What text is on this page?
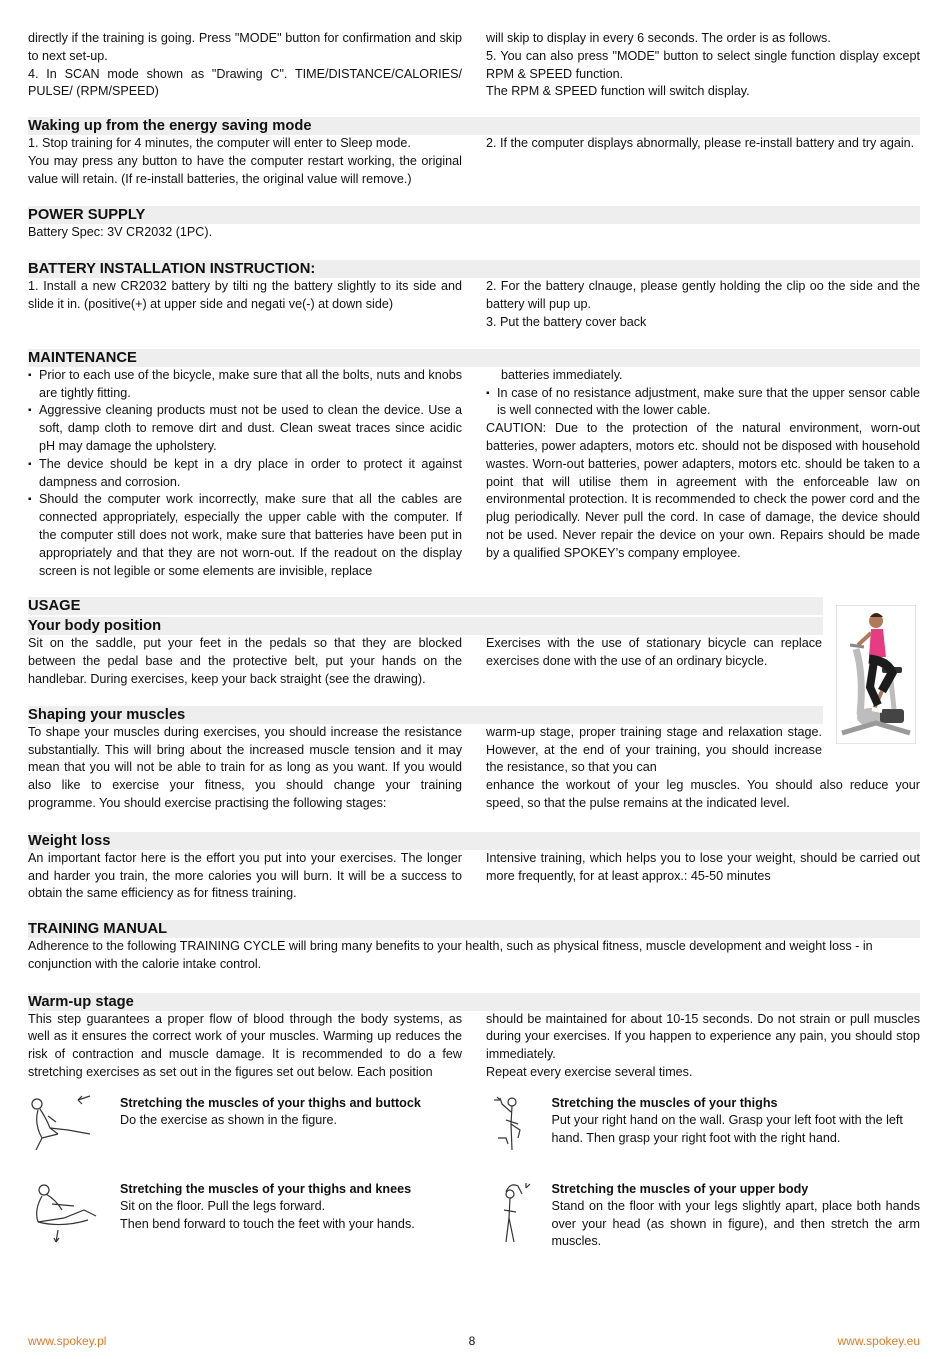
directly if the training is going. Press "MODE" button for confirmation and skip to next set-up.

4. In SCAN mode shown as "Drawing C". TIME/DISTANCE/CALORIES/ PULSE/ (RPM/SPEED)

will skip to display in every 6 seconds. The order is as follows.

5. You can also press "MODE" button to select single function display except RPM & SPEED function.

The RPM & SPEED function will switch display.

Waking up from the energy saving mode

1. Stop training for 4 minutes, the computer will enter to Sleep mode.

You may press any button to have the computer restart working, the original value will retain. (If re-install batteries, the original value will remove.)

2. If the computer displays abnormally, please re-install battery and try again.

POWER SUPPLY

Battery Spec: 3V CR2032 (1PC).

BATTERY INSTALLATION INSTRUCTION:

1. Install a new CR2032 battery by tilti ng the battery slightly to its side and slide it in. (positive(+) at upper side and negati ve(-) at down side)

2. For the battery clnauge, please gently holding the clip oo the side and the battery will pup up.

3. Put the battery cover back

MAINTENANCE
▪ Prior to each use of the bicycle, make sure that all the bolts, nuts and knobs are tightly fitting.
▪ Aggressive cleaning products must not be used to clean the device. Use a soft, damp cloth to remove dirt and dust. Clean sweat traces since acidic pH may damage the upholstery.
▪ The device should be kept in a dry place in order to protect it against dampness and corrosion.
▪ Should the computer work incorrectly, make sure that all the cables are connected appropriately, especially the upper cable with the computer. If the computer still does not work, make sure that batteries have been put in appropriately and that they are not worn-out. If the readout on the display screen is not legible or some elements are invisible, replace

batteries immediately.

▪ In case of no resistance adjustment, make sure that the upper sensor cable is well connected with the lower cable.

CAUTION: Due to the protection of the natural environment, worn-out batteries, power adapters, motors etc. should not be disposed with household wastes. Worn-out batteries, power adapters, motors etc. should be taken to a point that will utilise them in agreement with the enforceable law on environmental protection. It is recommended to check the power cord and the plug periodically. Never pull the cord. In case of damage, the device should not be used. Never repair the device on your own. Repairs should be made by a qualified SPOKEY’s company employee.

USAGE
Your body position

Sit on the saddle, put your feet in the pedals so that they are blocked between the pedal base and the protective belt, put your hands on the handlebar. During exercises, keep your back straight (see the drawing).

Exercises with the use of stationary bicycle can replace exercises done with the use of an ordinary bicycle.

Shaping your muscles

To shape your muscles during exercises, you should increase the resistance substantially. This will bring about the increased muscle tension and it may mean that you will not be able to train for as long as you want. If you would also like to exercise your fitness, you should change your training programme. You should exercise practising the following stages:

warm-up stage, proper training stage and relaxation stage. However, at the end of your training, you should increase the resistance, so that you can

enhance the workout of your leg muscles. You should also reduce your speed, so that the pulse remains at the indicated level.

Weight loss

An important factor here is the effort you put into your exercises. The longer and harder you train, the more calories you will burn. It will be a success to obtain the same efficiency as for fitness training.

Intensive training, which helps you to lose your weight, should be carried out more frequently, for at least approx.: 45-50 minutes

TRAINING MANUAL

Adherence to the following TRAINING CYCLE will bring many benefits to your health, such as physical fitness, muscle development and weight loss - in conjunction with the calorie intake control.

Warm-up stage

This step guarantees a proper flow of blood through the body systems, as well as it ensures the correct work of your muscles. Warming up reduces the risk of contraction and muscle damage. It is recommended to do a few stretching exercises as set out in the figures set out below. Each position

should be maintained for about 10-15 seconds. Do not strain or pull muscles during your exercises. If you happen to experience any pain, you should stop immediately.

Repeat every exercise several times.

Stretching the muscles of your thighs and buttock
Do the exercise as shown in the figure.
Stretching the muscles of your thighs
Put your right hand on the wall. Grasp your left foot with the left hand. Then grasp your right foot with the right hand.
Stretching the muscles of your thighs and knees
Sit on the floor. Pull the legs forward.
Then bend forward to touch the feet with your hands.
Stretching the muscles of your upper body
Stand on the floor with your legs slightly apart, place both hands over your head (as shown in figure), and then stretch the arm muscles.
www.spokey.pl	8	www.spokey.eu
